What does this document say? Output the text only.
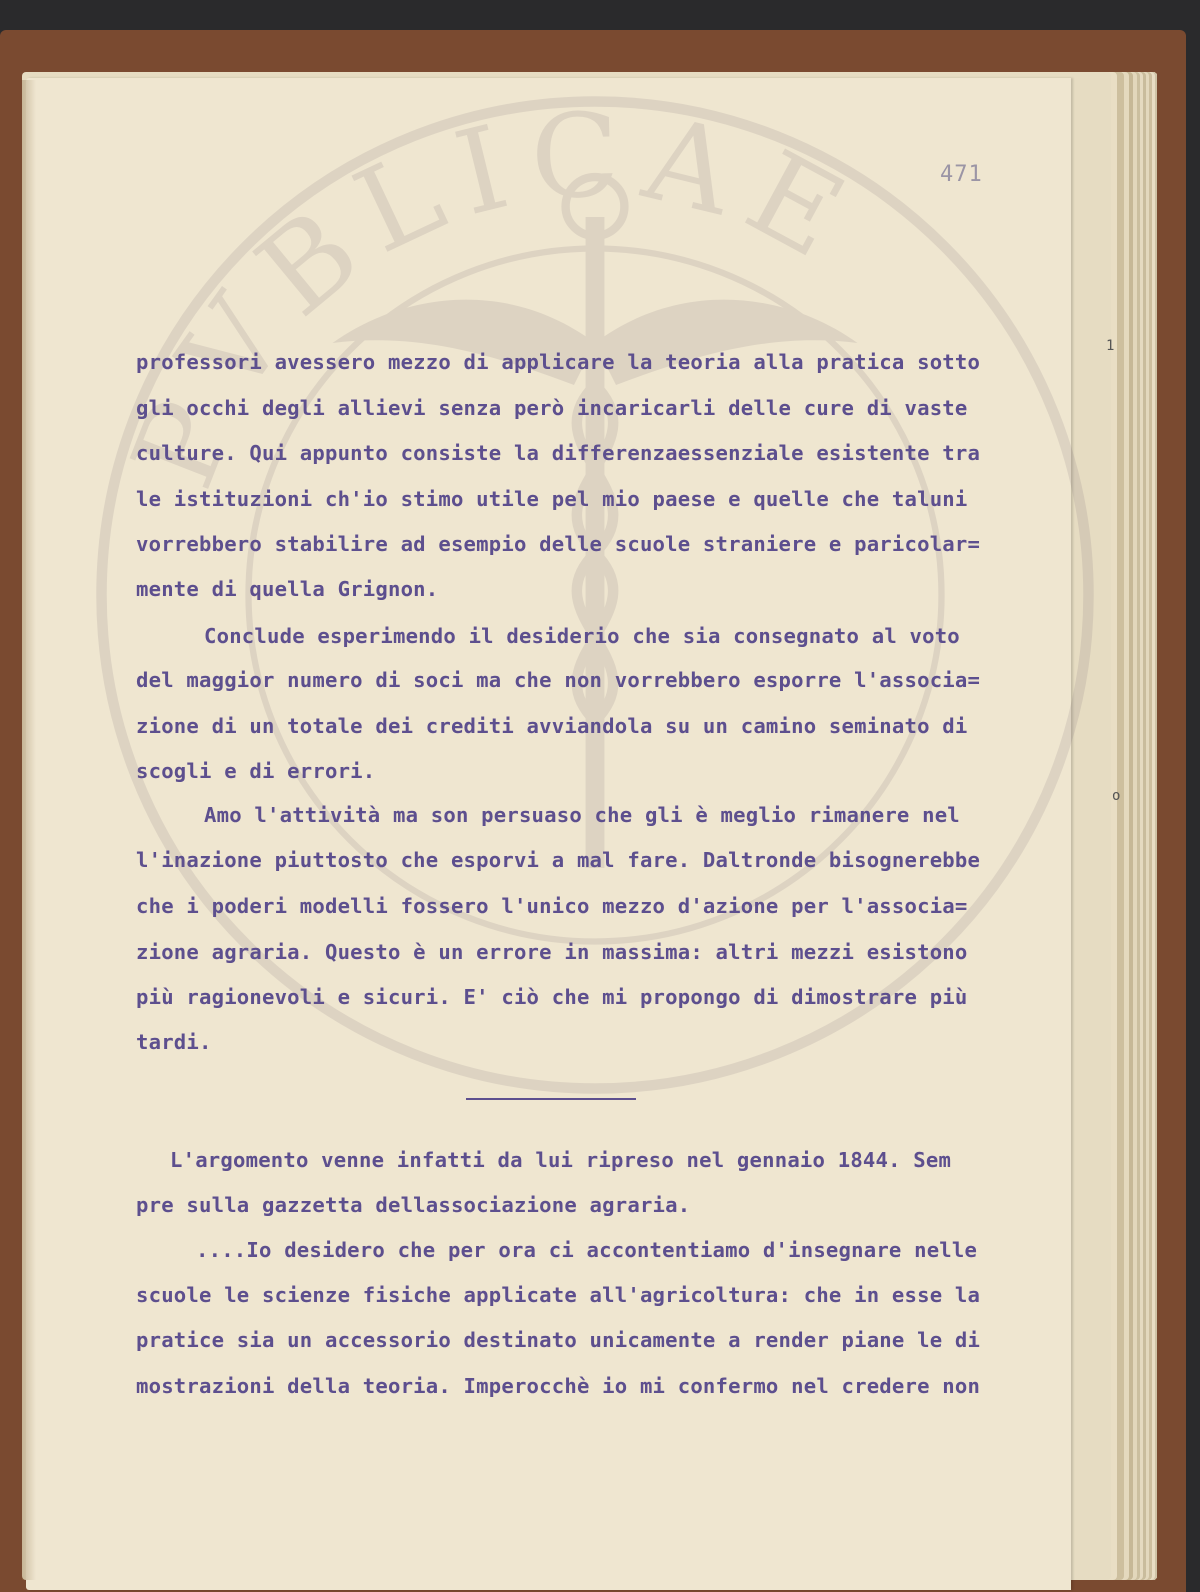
471
1
o
professori avessero mezzo di applicare la teoria alla pratica sotto
gli occhi degli allievi senza però incaricarli delle cure di vaste
culture. Qui appunto consiste la differenzaessenziale esistente tra
le istituzioni ch'io stimo utile pel mio paese e quelle che taluni
vorrebbero stabilire ad esempio delle scuole straniere e paricolar=
mente di quella Grignon.
Conclude esperimendo il desiderio che sia consegnato al voto
del maggior numero di soci ma che non vorrebbero esporre l'associa=
zione di un totale dei crediti avviandola su un camino seminato di
scogli e di errori.
Amo l'attività ma son persuaso che gli è meglio rimanere nel
l'inazione piuttosto che esporvi a mal fare. Daltronde bisognerebbe
che i poderi modelli fossero l'unico mezzo d'azione per l'associa=
zione agraria. Questo è un errore in massima: altri mezzi esistono
più ragionevoli e sicuri. E' ciò che mi propongo di dimostrare più
tardi.
L'argomento venne infatti da lui ripreso nel gennaio 1844. Sem
pre sulla gazzetta dellassociazione agraria.
....Io desidero che per ora ci accontentiamo d'insegnare nelle
scuole le scienze fisiche applicate all'agricoltura: che in esse la
pratice sia un accessorio destinato unicamente a render piane le di
mostrazioni della teoria. Imperocchè io mi confermo nel credere non
